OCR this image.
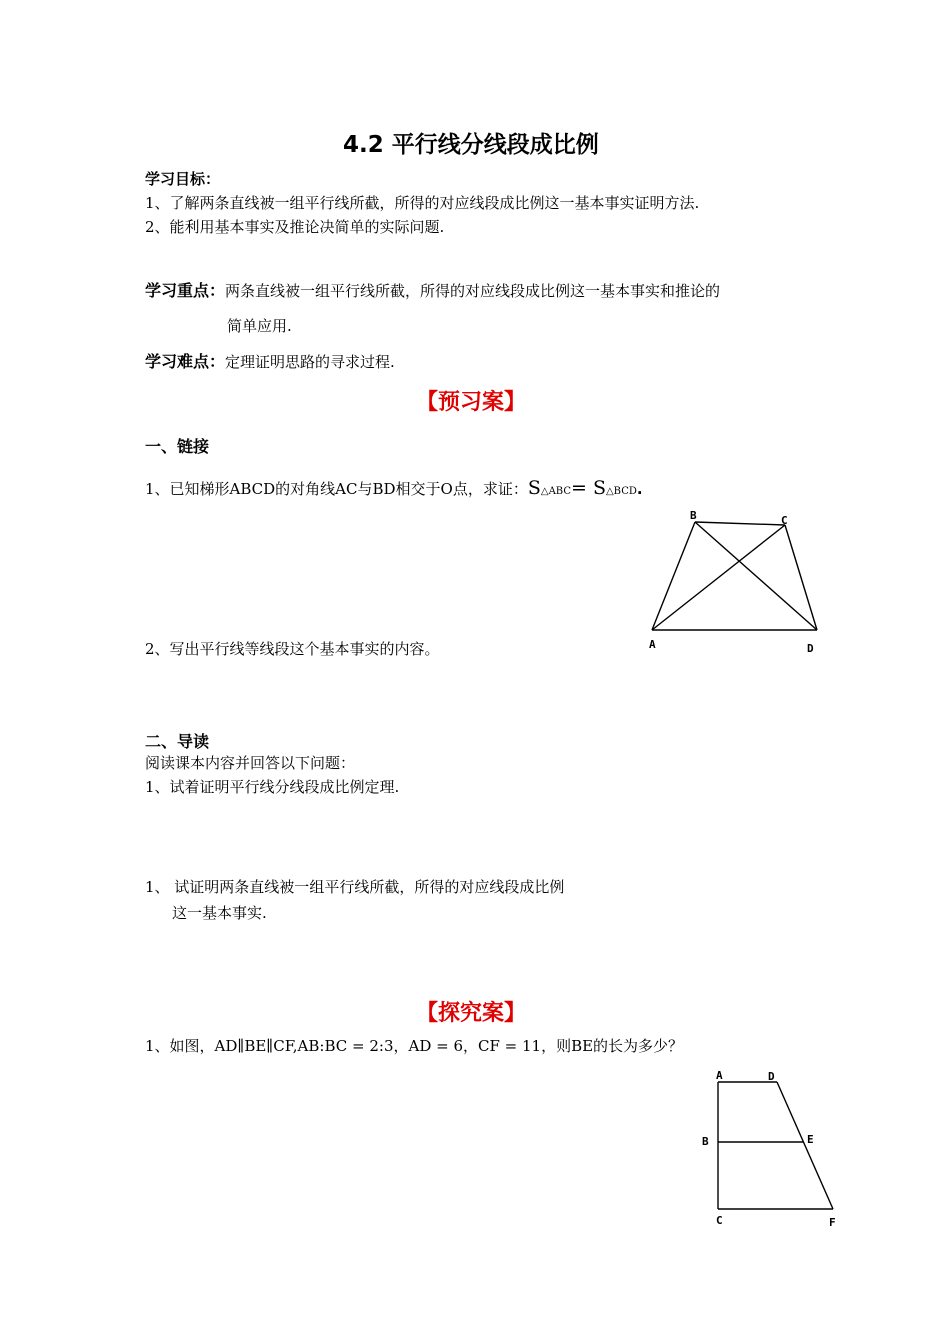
4.2 平行线分线段成比例
学习目标：
1、了解两条直线被一组平行线所截，所得的对应线段成比例这一基本事实证明方法.
2、能利用基本事实及推论决简单的实际问题.
学习重点：两条直线被一组平行线所截，所得的对应线段成比例这一基本事实和推论的
简单应用.
学习难点：定理证明思路的寻求过程.
【预习案】
一、链接
1、已知梯形ABCD的对角线AC与BD相交于O点，求证：S△ABC= S△BCD.
2、写出平行线等线段这个基本事实的内容。
B	C
A	D
二、导读
阅读课本内容并回答以下问题：
1、试着证明平行线分线段成比例定理.
1、 试证明两条直线被一组平行线所截，所得的对应线段成比例
这一基本事实.
【探究案】
1、如图，AD∥BE∥CF,AB:BC = 2:3，AD = 6，CF = 11，则BE的长为多少？
A	D
B	E
C	F
